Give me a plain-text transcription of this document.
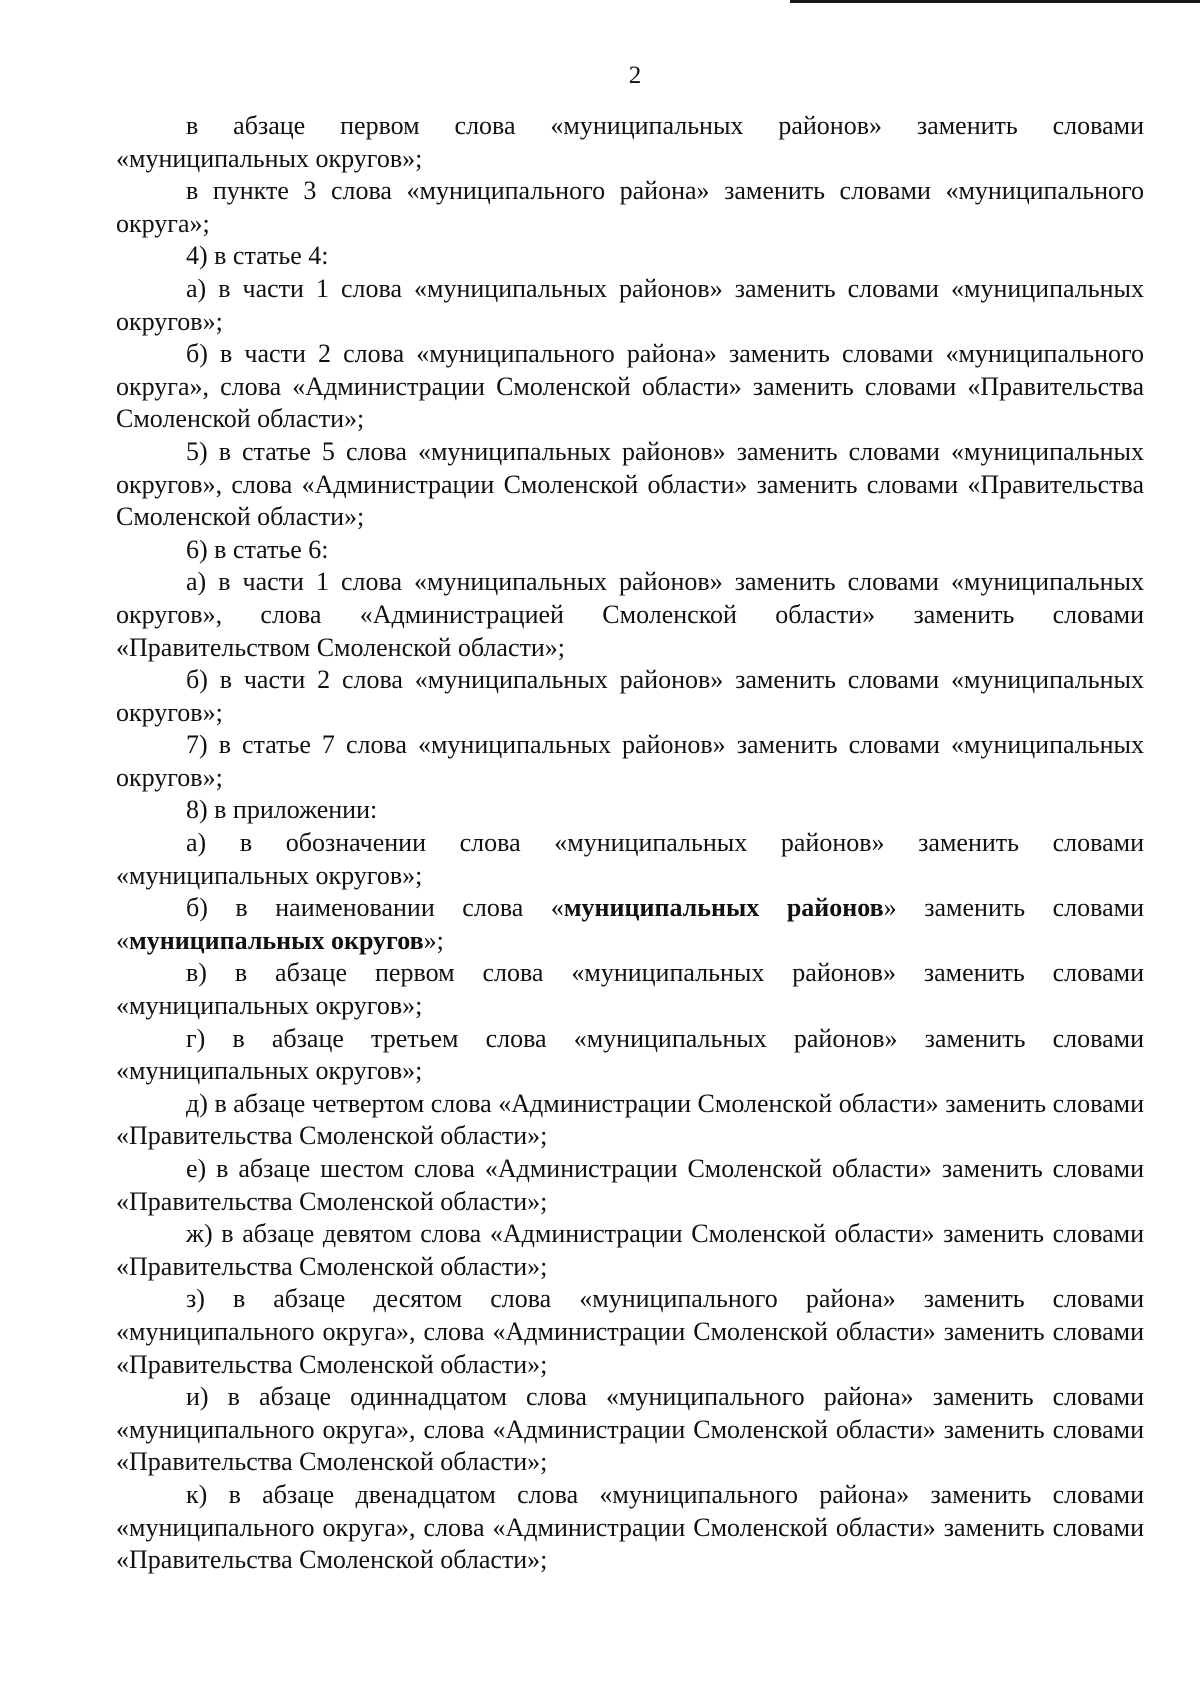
2

в абзаце первом слова «муниципальных районов» заменить словами «муниципальных округов»;

в пункте 3 слова «муниципального района» заменить словами «муниципального округа»;

4) в статье 4:

а) в части 1 слова «муниципальных районов» заменить словами «муниципальных округов»;

б) в части 2 слова «муниципального района» заменить словами «муниципального округа», слова «Администрации Смоленской области» заменить словами «Правительства Смоленской области»;

5) в статье 5 слова «муниципальных районов» заменить словами «муниципальных округов», слова «Администрации Смоленской области» заменить словами «Правительства Смоленской области»;

6) в статье 6:

а) в части 1 слова «муниципальных районов» заменить словами «муниципальных округов», слова «Администрацией Смоленской области» заменить словами «Правительством Смоленской области»;

б) в части 2 слова «муниципальных районов» заменить словами «муниципальных округов»;

7) в статье 7 слова «муниципальных районов» заменить словами «муниципальных округов»;

8) в приложении:

а) в обозначении слова «муниципальных районов» заменить словами «муниципальных округов»;

б) в наименовании слова «муниципальных районов» заменить словами «муниципальных округов»;

в) в абзаце первом слова «муниципальных районов» заменить словами «муниципальных округов»;

г) в абзаце третьем слова «муниципальных районов» заменить словами «муниципальных округов»;

д) в абзаце четвертом слова «Администрации Смоленской области» заменить словами «Правительства Смоленской области»;

е) в абзаце шестом слова «Администрации Смоленской области» заменить словами «Правительства Смоленской области»;

ж) в абзаце девятом слова «Администрации Смоленской области» заменить словами «Правительства Смоленской области»;

з) в абзаце десятом слова «муниципального района» заменить словами «муниципального округа», слова «Администрации Смоленской области» заменить словами «Правительства Смоленской области»;

и) в абзаце одиннадцатом слова «муниципального района» заменить словами «муниципального округа», слова «Администрации Смоленской области» заменить словами «Правительства Смоленской области»;

к) в абзаце двенадцатом слова «муниципального района» заменить словами «муниципального округа», слова «Администрации Смоленской области» заменить словами «Правительства Смоленской области»;
